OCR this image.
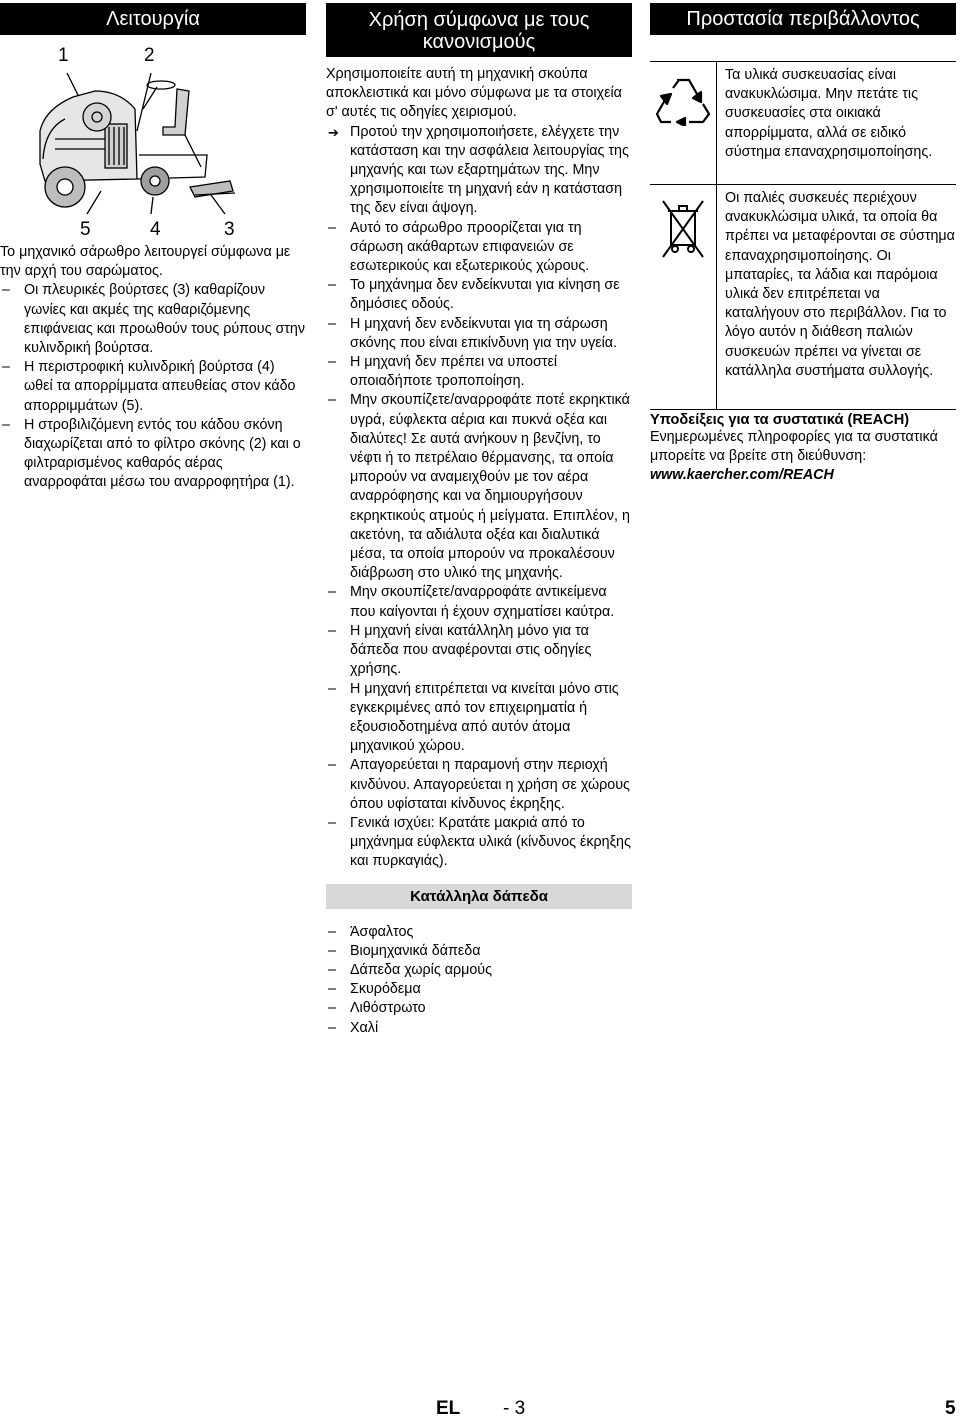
Λειτουργία
1	2
5	4	3
Το μηχανικό σάρωθρο λειτουργεί σύμφωνα με την αρχή του σαρώματος.
– Οι πλευρικές βούρτσες (3) καθαρίζουν γωνίες και ακμές της καθαριζόμενης επιφάνειας και προωθούν τους ρύπους στην κυλινδρική βούρτσα.
– Η περιστροφική κυλινδρική βούρτσα (4) ωθεί τα απορρίμματα απευθείας στον κάδο απορριμμάτων (5).
– Η στροβιλιζόμενη εντός του κάδου σκόνη διαχωρίζεται από το φίλτρο σκόνης (2) και ο φιλτραρισμένος καθαρός αέρας αναρροφάται μέσω του αναρροφητήρα (1).
Χρήση σύμφωνα με τους κανονισμούς
Χρησιμοποιείτε αυτή τη μηχανική σκούπα αποκλειστικά και μόνο σύμφωνα με τα στοιχεία σ' αυτές τις οδηγίες χειρισμού.
➔ Προτού την χρησιμοποιήσετε, ελέγχετε την κατάσταση και την ασφάλεια λειτουργίας της μηχανής και των εξαρτημάτων της. Μην χρησιμοποιείτε τη μηχανή εάν η κατάσταση της δεν είναι άψογη.
– Αυτό το σάρωθρο προορίζεται για τη σάρωση ακάθαρτων επιφανειών σε εσωτερικούς και εξωτερικούς χώρους.
– Το μηχάνημα δεν ενδείκνυται για κίνηση σε δημόσιες οδούς.
– Η μηχανή δεν ενδείκνυται για τη σάρωση σκόνης που είναι επικίνδυνη για την υγεία.
– Η μηχανή δεν πρέπει να υποστεί οποιαδήποτε τροποποίηση.
– Μην σκουπίζετε/αναρροφάτε ποτέ εκρηκτικά υγρά, εύφλεκτα αέρια και πυκνά οξέα και διαλύτες! Σε αυτά ανήκουν η βενζίνη, το νέφτι ή το πετρέλαιο θέρμανσης, τα οποία μπορούν να αναμειχθούν με τον αέρα αναρρόφησης και να δημιουργήσουν εκρηκτικούς ατμούς ή μείγματα. Επιπλέον, η ακετόνη, τα αδιάλυτα οξέα και διαλυτικά μέσα, τα οποία μπορούν να προκαλέσουν διάβρωση στο υλικό της μηχανής.
– Μην σκουπίζετε/αναρροφάτε αντικείμενα που καίγονται ή έχουν σχηματίσει καύτρα.
– Η μηχανή είναι κατάλληλη μόνο για τα δάπεδα που αναφέρονται στις οδηγίες χρήσης.
– Η μηχανή επιτρέπεται να κινείται μόνο στις εγκεκριμένες από τον επιχειρηματία ή εξουσιοδοτημένα από αυτόν άτομα μηχανικού χώρου.
– Απαγορεύεται η παραμονή στην περιοχή κινδύνου. Απαγορεύεται η χρήση σε χώρους όπου υφίσταται κίνδυνος έκρηξης.
– Γενικά ισχύει: Κρατάτε μακριά από το μηχάνημα εύφλεκτα υλικά (κίνδυνος έκρηξης και πυρκαγιάς).
Κατάλληλα δάπεδα
– Άσφαλτος
– Βιομηχανικά δάπεδα
– Δάπεδα χωρίς αρμούς
– Σκυρόδεμα
– Λιθόστρωτο
– Χαλί
Προστασία περιβάλλοντος
Τα υλικά συσκευασίας είναι ανακυκλώσιμα. Μην πετάτε τις συσκευασίες στα οικιακά απορρίμματα, αλλά σε ειδικό σύστημα επαναχρησιμοποίησης.
Οι παλιές συσκευές περιέχουν ανακυκλώσιμα υλικά, τα οποία θα πρέπει να μεταφέρονται σε σύστημα επαναχρησιμοποίησης. Οι μπαταρίες, τα λάδια και παρόμοια υλικά δεν επιτρέπεται να καταλήγουν στο περιβάλλον. Για το λόγο αυτόν η διάθεση παλιών συσκευών πρέπει να γίνεται σε κατάλληλα συστήματα συλλογής.
Υποδείξεις για τα συστατικά (REACH)
Ενημερωμένες πληροφορίες για τα συστατικά μπορείτε να βρείτε στη διεύθυνση:
www.kaercher.com/REACH
EL - 3	5
